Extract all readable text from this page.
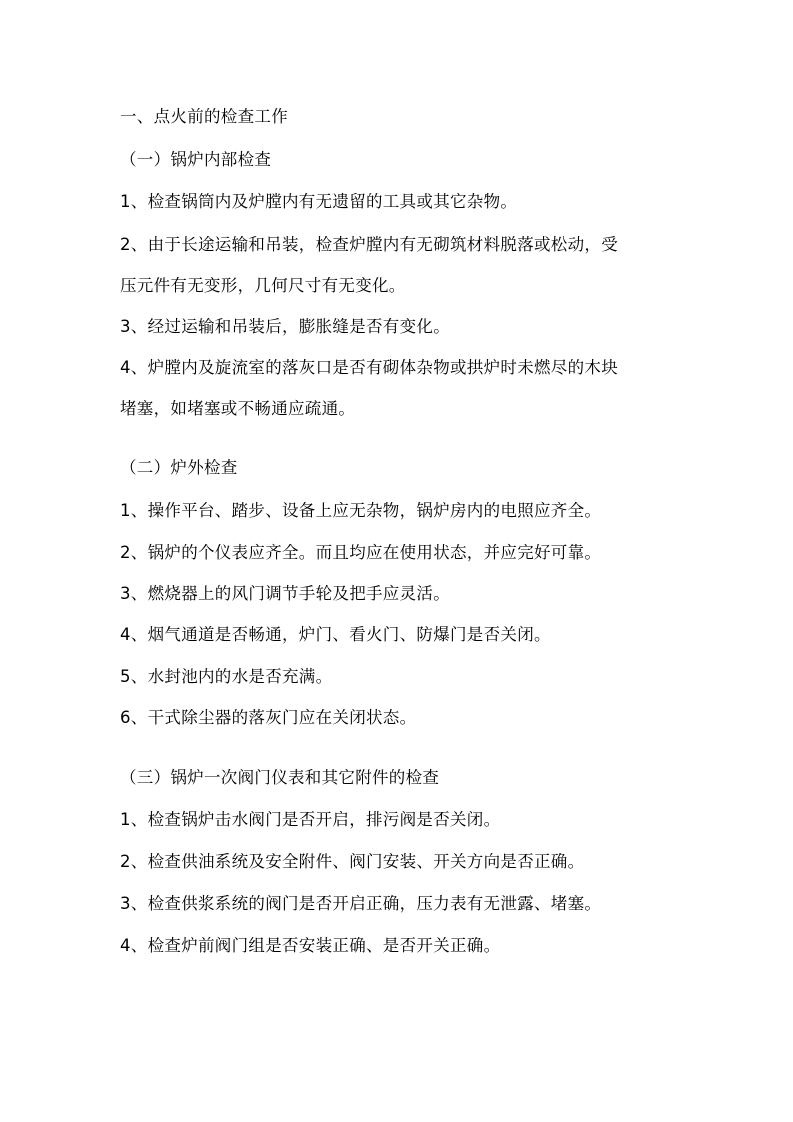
一、点火前的检查工作
（一）锅炉内部检查
1、检查锅筒内及炉膛内有无遗留的工具或其它杂物。
2、由于长途运输和吊装，检查炉膛内有无砌筑材料脱落或松动，受
压元件有无变形，几何尺寸有无变化。
3、经过运输和吊装后，膨胀缝是否有变化。
4、炉膛内及旋流室的落灰口是否有砌体杂物或拱炉时未燃尽的木块
堵塞，如堵塞或不畅通应疏通。
（二）炉外检查
1、操作平台、踏步、设备上应无杂物，锅炉房内的电照应齐全。
2、锅炉的个仪表应齐全。而且均应在使用状态，并应完好可靠。
3、燃烧器上的风门调节手轮及把手应灵活。
4、烟气通道是否畅通，炉门、看火门、防爆门是否关闭。
5、水封池内的水是否充满。
6、干式除尘器的落灰门应在关闭状态。
（三）锅炉一次阀门仪表和其它附件的检查
1、检查锅炉击水阀门是否开启，排污阀是否关闭。
2、检查供油系统及安全附件、阀门安装、开关方向是否正确。
3、检查供浆系统的阀门是否开启正确，压力表有无泄露、堵塞。
4、检查炉前阀门组是否安装正确、是否开关正确。
